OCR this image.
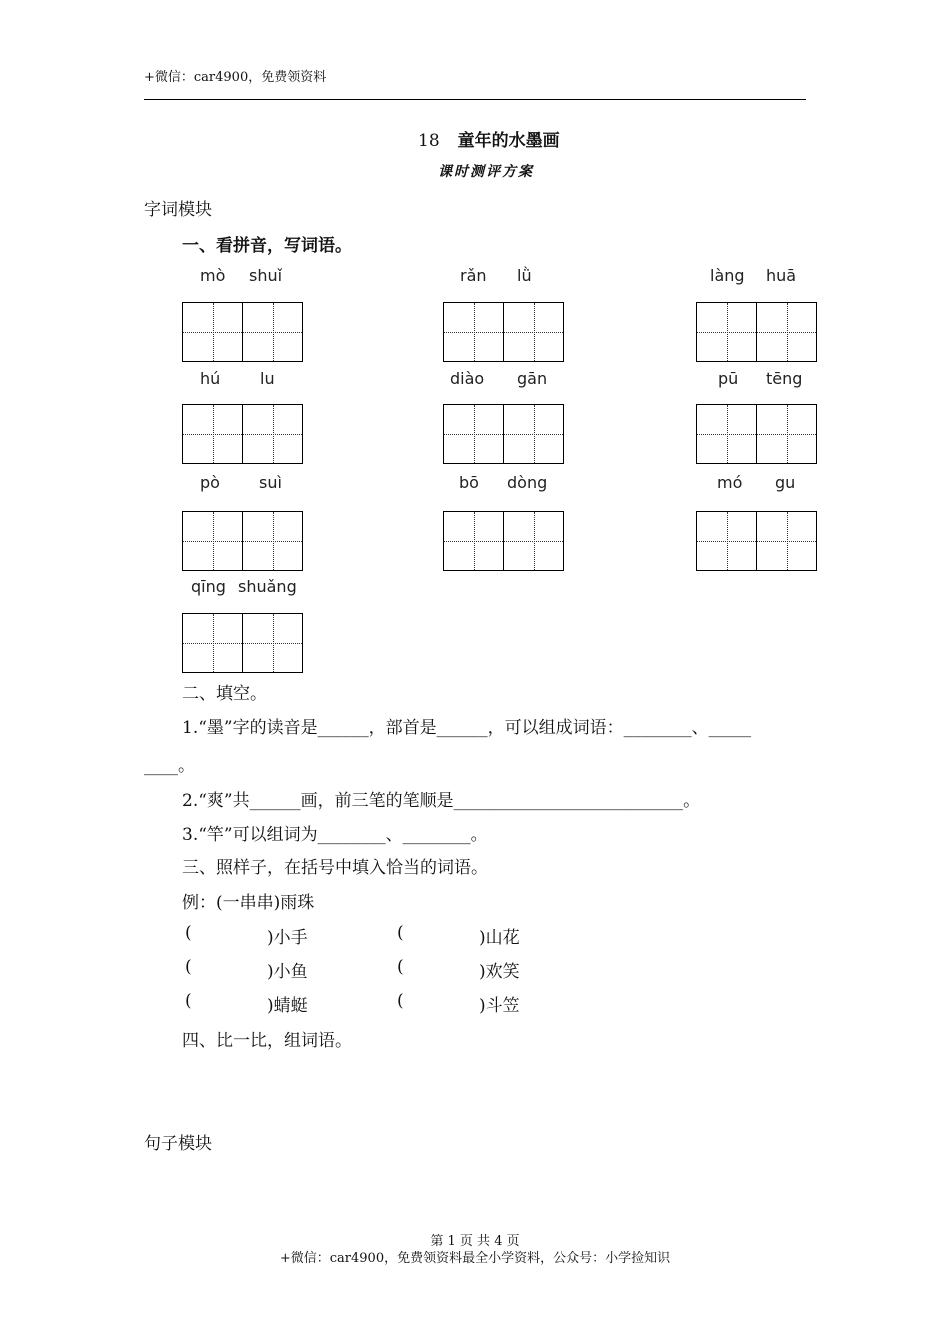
+微信：car4900，免费领资料
18 童年的水墨画
课时测评方案
字词模块
一、看拼音，写词语。
mò shuǐ	rǎn lǜ	làng huā
hú lu	diào gān	pū tēng
pò suì	bō dòng	mó gu
qīng shuǎng
二、填空。
1.“墨”字的读音是______，部首是______，可以组成词语：________、_____
____。
2.“爽”共______画，前三笔的笔顺是___________________________。
3.“竿”可以组词为________、________。
三、照样子，在括号中填入恰当的词语。
例：(一串串)雨珠
(	)小手	(	)山花
(	)小鱼	(	)欢笑
(	)蜻蜓	(	)斗笠
四、比一比，组词语。
句子模块
第 1 页 共 4 页
+微信：car4900，免费领资料最全小学资料，公众号：小学捡知识
